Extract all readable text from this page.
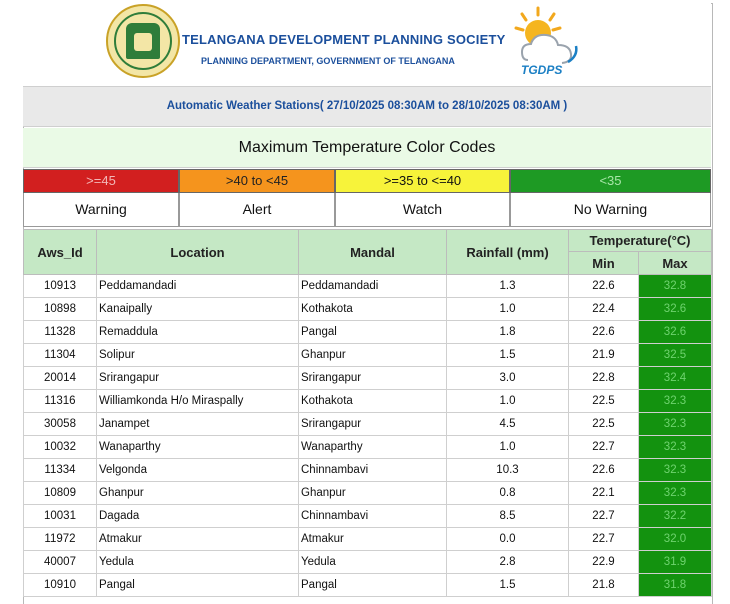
TELANGANA DEVELOPMENT PLANNING SOCIETY
PLANNING DEPARTMENT, GOVERNMENT OF TELANGANA
TGDPS
Automatic Weather Stations( 27/10/2025 08:30AM to 28/10/2025 08:30AM )
Maximum Temperature Color Codes
>=45	>40 to <45	>=35 to <=40	<35
Warning	Alert	Watch	No Warning
Aws_Id	Location	Mandal	Rainfall (mm)	Temperature(°C)	
				Min	Max
10913	Peddamandadi	Peddamandadi	1.3	22.6	32.8
10898	Kanaipally	Kothakota	1.0	22.4	32.6
11328	Remaddula	Pangal	1.8	22.6	32.6
11304	Solipur	Ghanpur	1.5	21.9	32.5
20014	Srirangapur	Srirangapur	3.0	22.8	32.4
11316	Williamkonda H/o Miraspally	Kothakota	1.0	22.5	32.3
30058	Janampet	Srirangapur	4.5	22.5	32.3
10032	Wanaparthy	Wanaparthy	1.0	22.7	32.3
11334	Velgonda	Chinnambavi	10.3	22.6	32.3
10809	Ghanpur	Ghanpur	0.8	22.1	32.3
10031	Dagada	Chinnambavi	8.5	22.7	32.2
11972	Atmakur	Atmakur	0.0	22.7	32.0
40007	Yedula	Yedula	2.8	22.9	31.9
10910	Pangal	Pangal	1.5	21.8	31.8
